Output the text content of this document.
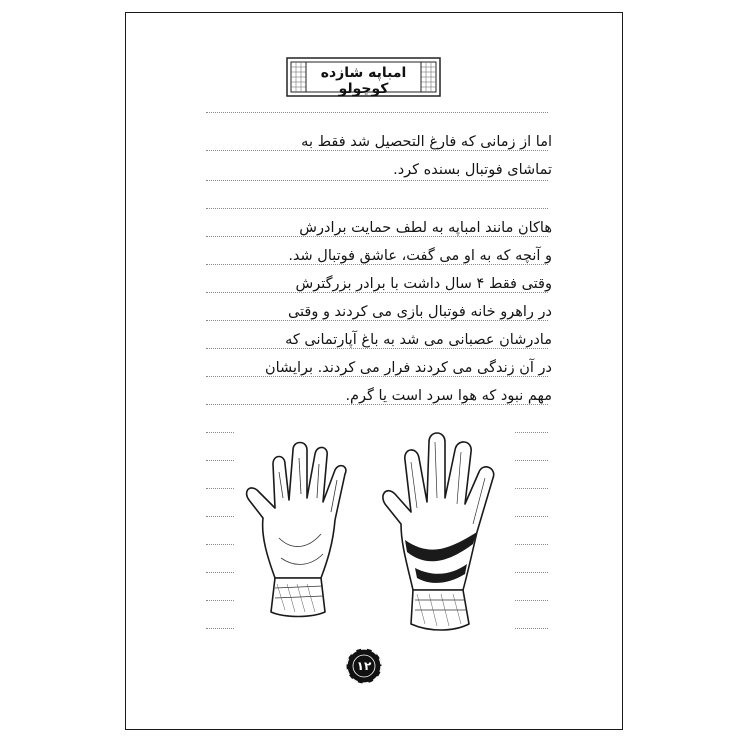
امباپه شازده کوچولو
اما از زمانی که فارغ التحصیل شد فقط به
تماشای فوتبال بسنده کرد.
هاکان مانند امباپه به لطف حمایت برادرش
و آنچه که به او می گفت، عاشق فوتبال شد.
وقتی فقط ۴ سال داشت با برادر بزرگترش
در راهرو خانه فوتبال بازی می کردند و وقتی
مادرشان عصبانی می شد به باغ آپارتمانی که
در آن زندگی می کردند فرار می کردند. برایشان
مهم نبود که هوا سرد است یا گرم.
۱۲
